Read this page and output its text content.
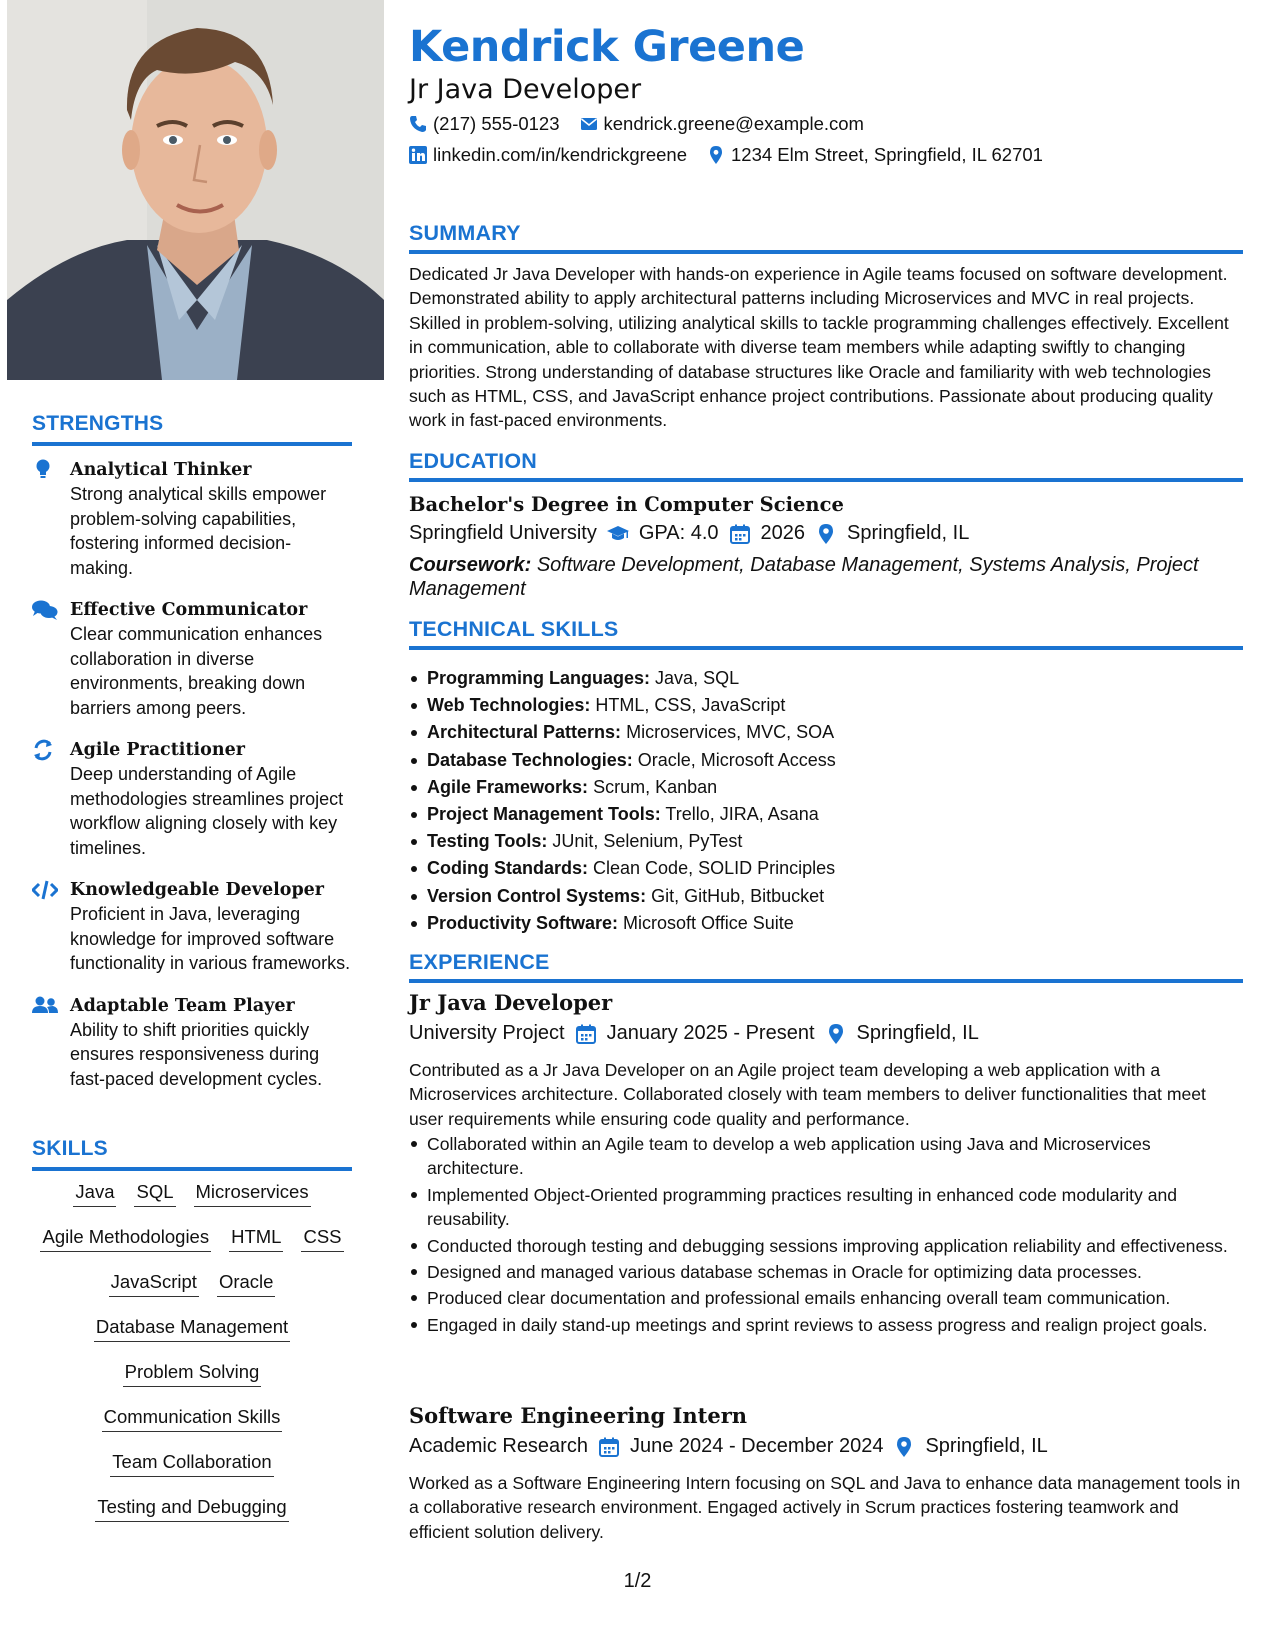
STRENGTHS
Analytical Thinker
Strong analytical skills empower problem-solving capabilities, fostering informed decision-making.
Effective Communicator
Clear communication enhances collaboration in diverse environments, breaking down barriers among peers.
Agile Practitioner
Deep understanding of Agile methodologies streamlines project workflow aligning closely with key timelines.
Knowledgeable Developer
Proficient in Java, leveraging knowledge for improved software functionality in various frameworks.
Adaptable Team Player
Ability to shift priorities quickly ensures responsiveness during fast-paced development cycles.
SKILLS
Java SQL Microservices
Agile Methodologies HTML CSS
JavaScript Oracle
Database Management
Problem Solving
Communication Skills
Team Collaboration
Testing and Debugging
Kendrick Greene
Jr Java Developer
(217) 555-0123 kendrick.greene@example.com
linkedin.com/in/kendrickgreene 1234 Elm Street, Springfield, IL 62701
SUMMARY
Dedicated Jr Java Developer with hands-on experience in Agile teams focused on software development. Demonstrated ability to apply architectural patterns including Microservices and MVC in real projects. Skilled in problem-solving, utilizing analytical skills to tackle programming challenges effectively. Excellent in communication, able to collaborate with diverse team members while adapting swiftly to changing priorities. Strong understanding of database structures like Oracle and familiarity with web technologies such as HTML, CSS, and JavaScript enhance project contributions. Passionate about producing quality work in fast-paced environments.
EDUCATION
Bachelor's Degree in Computer Science
Springfield University GPA: 4.0 2026 Springfield, IL
Coursework: Software Development, Database Management, Systems Analysis, Project Management
TECHNICAL SKILLS
Programming Languages: Java, SQL
Web Technologies: HTML, CSS, JavaScript
Architectural Patterns: Microservices, MVC, SOA
Database Technologies: Oracle, Microsoft Access
Agile Frameworks: Scrum, Kanban
Project Management Tools: Trello, JIRA, Asana
Testing Tools: JUnit, Selenium, PyTest
Coding Standards: Clean Code, SOLID Principles
Version Control Systems: Git, GitHub, Bitbucket
Productivity Software: Microsoft Office Suite
EXPERIENCE
Jr Java Developer
University Project January 2025 - Present Springfield, IL
Contributed as a Jr Java Developer on an Agile project team developing a web application with a Microservices architecture. Collaborated closely with team members to deliver functionalities that meet user requirements while ensuring code quality and performance.
Collaborated within an Agile team to develop a web application using Java and Microservices architecture.
Implemented Object-Oriented programming practices resulting in enhanced code modularity and reusability.
Conducted thorough testing and debugging sessions improving application reliability and effectiveness.
Designed and managed various database schemas in Oracle for optimizing data processes.
Produced clear documentation and professional emails enhancing overall team communication.
Engaged in daily stand-up meetings and sprint reviews to assess progress and realign project goals.
Software Engineering Intern
Academic Research June 2024 - December 2024 Springfield, IL
Worked as a Software Engineering Intern focusing on SQL and Java to enhance data management tools in a collaborative research environment. Engaged actively in Scrum practices fostering teamwork and efficient solution delivery.
1/2
